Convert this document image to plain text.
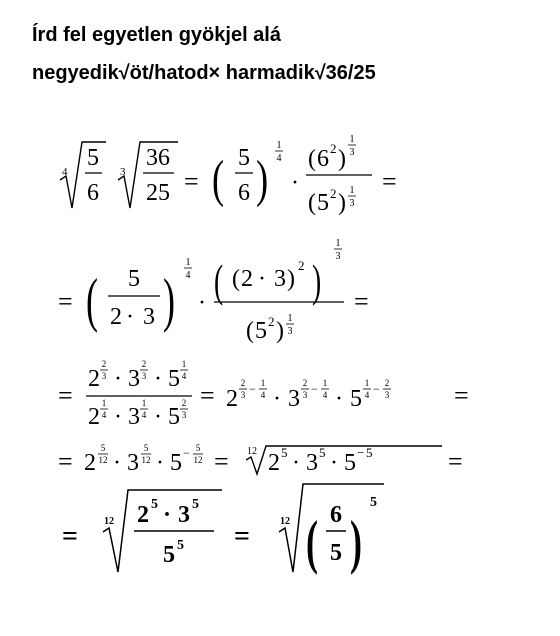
Írd fel egyetlen gyökjel alá
negyedik√öt/hatod× harmadik√36/25
4
5
6
3
36
25 = ( 5
6 )
1
4
·
( 6 2 )
1
3
( 5 2 ) 1
3
=
= ( 5
2 · 3 )
1
4
· ( ( 2 · 3 )
2 )
1
3
( 5 2 ) 1
3
=
=
2
2
3 · 3
2
3 · 5
1
4
2
1
4 · 3
1
4 · 5
2
3
= 2
2
3 − 1
4 · 3
2
3 − 1
4 · 5
1
4 − 2
3 =
= 2
5
12 · 3
5
12 · 5 − 5
12 = 12 2 5 · 3 5 · 5 − 5	=
=	12 2 5 · 3 5
5 5 =	12 ( 6
5 )
5
